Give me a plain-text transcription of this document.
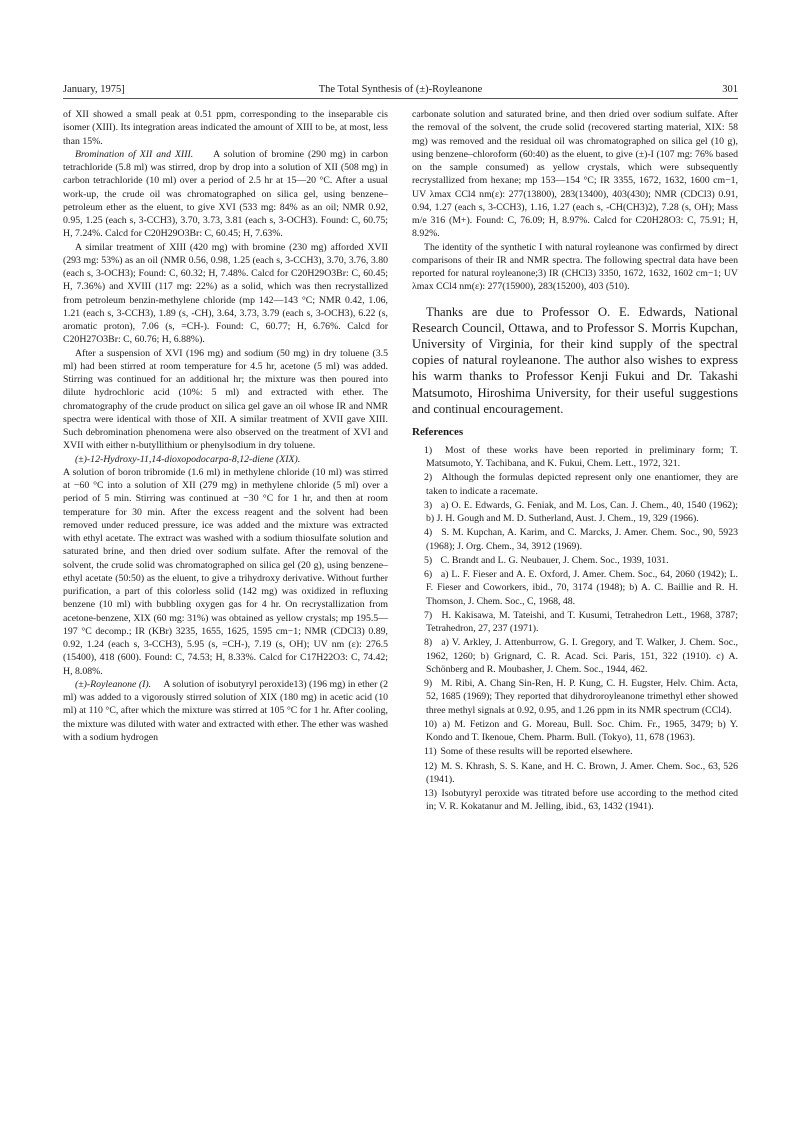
January, 1975]	The Total Synthesis of (±)-Royleanone	301

of XII showed a small peak at 0.51 ppm, corresponding to the inseparable cis isomer (XIII). Its integration areas indicated the amount of XIII to be, at most, less than 15%.

Bromination of XII and XIII. A solution of bromine (290 mg) in carbon tetrachloride (5.8 ml) was stirred, drop by drop into a solution of XII (508 mg) in carbon tetrachloride (10 ml) over a period of 2.5 hr at 15—20 °C. After a usual work-up, the crude oil was chromatographed on silica gel, using benzene–petroleum ether as the eluent, to give XVI (533 mg: 84% as an oil; NMR 0.92, 0.95, 1.25 (each s, 3-CCH3), 3.70, 3.73, 3.81 (each s, 3-OCH3). Found: C, 60.75; H, 7.24%. Calcd for C20H29O3Br: C, 60.45; H, 7.63%.

A similar treatment of XIII (420 mg) with bromine (230 mg) afforded XVII (293 mg: 53%) as an oil (NMR 0.56, 0.98, 1.25 (each s, 3-CCH3), 3.70, 3.76, 3.80 (each s, 3-OCH3); Found: C, 60.32; H, 7.48%. Calcd for C20H29O3Br: C, 60.45; H, 7.36%) and XVIII (117 mg: 22%) as a solid, which was then recrystallized from petroleum benzin-methylene chloride (mp 142—143 °C; NMR 0.42, 1.06, 1.21 (each s, 3-CCH3), 1.89 (s, -CH), 3.64, 3.73, 3.79 (each s, 3-OCH3), 6.22 (s, aromatic proton), 7.06 (s, =CH-). Found: C, 60.77; H, 6.76%. Calcd for C20H27O3Br: C, 60.76; H, 6.88%).

After a suspension of XVI (196 mg) and sodium (50 mg) in dry toluene (3.5 ml) had been stirred at room temperature for 4.5 hr, acetone (5 ml) was added. Stirring was continued for an additional hr; the mixture was then poured into dilute hydrochloric acid (10%: 5 ml) and extracted with ether. The chromatography of the crude product on silica gel gave an oil whose IR and NMR spectra were identical with those of XII. A similar treatment of XVII gave XIII. Such debromination phenomena were also observed on the treatment of XVI and XVII with either n-butyllithium or phenylsodium in dry toluene.

(±)-12-Hydroxy-11,14-dioxopodocarpa-8,12-diene (XIX).

A solution of boron tribromide (1.6 ml) in methylene chloride (10 ml) was stirred at −60 °C into a solution of XII (279 mg) in methylene chloride (5 ml) over a period of 5 min. Stirring was continued at −30 °C for 1 hr, and then at room temperature for 30 min. After the excess reagent and the solvent had been removed under reduced pressure, ice was added and the mixture was extracted with ethyl acetate. The extract was washed with a sodium thiosulfate solution and saturated brine, and then dried over sodium sulfate. After the removal of the solvent, the crude solid was chromatographed on silica gel (20 g), using benzene–ethyl acetate (50:50) as the eluent, to give a trihydroxy derivative. Without further purification, a part of this colorless solid (142 mg) was oxidized in refluxing benzene (10 ml) with bubbling oxygen gas for 4 hr. On recrystallization from acetone-benzene, XIX (60 mg: 31%) was obtained as yellow crystals; mp 195.5—197 °C decomp.; IR (KBr) 3235, 1655, 1625, 1595 cm−1; NMR (CDCl3) 0.89, 0.92, 1.24 (each s, 3-CCH3), 5.95 (s, =CH-), 7.19 (s, OH); UV nm (ε): 276.5 (15400), 418 (600). Found: C, 74.53; H, 8.33%. Calcd for C17H22O3: C, 74.42; H, 8.08%.

(±)-Royleanone (I). A solution of isobutyryl peroxide13) (196 mg) in ether (2 ml) was added to a vigorously stirred solution of XIX (180 mg) in acetic acid (10 ml) at 110 °C, after which the mixture was stirred at 105 °C for 1 hr. After cooling, the mixture was diluted with water and extracted with ether. The ether was washed with a sodium hydrogen

carbonate solution and saturated brine, and then dried over sodium sulfate. After the removal of the solvent, the crude solid (recovered starting material, XIX: 58 mg) was removed and the residual oil was chromatographed on silica gel (10 g), using benzene–chloroform (60:40) as the eluent, to give (±)-I (107 mg: 76% based on the sample consumed) as yellow crystals, which were subsequently recrystallized from hexane; mp 153—154 °C; IR 3355, 1672, 1632, 1600 cm−1, UV λmax CCl4 nm(ε): 277(13800), 283(13400), 403(430); NMR (CDCl3) 0.91, 0.94, 1.27 (each s, 3-CCH3), 1.16, 1.27 (each s, -CH(CH3)2), 7.28 (s, OH); Mass m/e 316 (M+). Found: C, 76.09; H, 8.97%. Calcd for C20H28O3: C, 75.91; H, 8.92%.

The identity of the synthetic I with natural royleanone was confirmed by direct comparisons of their IR and NMR spectra. The following spectral data have been reported for natural royleanone;3) IR (CHCl3) 3350, 1672, 1632, 1602 cm−1; UV λmax CCl4 nm(ε): 277(15900), 283(15200), 403 (510).

Thanks are due to Professor O. E. Edwards, National Research Council, Ottawa, and to Professor S. Morris Kupchan, University of Virginia, for their kind supply of the spectral copies of natural royleanone. The author also wishes to express his warm thanks to Professor Kenji Fukui and Dr. Takashi Matsumoto, Hiroshima University, for their useful suggestions and continual encouragement.

References

1) Most of these works have been reported in preliminary form; T. Matsumoto, Y. Tachibana, and K. Fukui, Chem. Lett., 1972, 321.

2) Although the formulas depicted represent only one enantiomer, they are taken to indicate a racemate.

3) a) O. E. Edwards, G. Feniak, and M. Los, Can. J. Chem., 40, 1540 (1962); b) J. H. Gough and M. D. Sutherland, Aust. J. Chem., 19, 329 (1966).

4) S. M. Kupchan, A. Karim, and C. Marcks, J. Amer. Chem. Soc., 90, 5923 (1968); J. Org. Chem., 34, 3912 (1969).

5) C. Brandt and L. G. Neubauer, J. Chem. Soc., 1939, 1031.

6) a) L. F. Fieser and A. E. Oxford, J. Amer. Chem. Soc., 64, 2060 (1942); L. F. Fieser and Coworkers, ibid., 70, 3174 (1948); b) A. C. Baillie and R. H. Thomson, J. Chem. Soc., C, 1968, 48.

7) H. Kakisawa, M. Tateishi, and T. Kusumi, Tetrahedron Lett., 1968, 3787; Tetrahedron, 27, 237 (1971).

8) a) V. Arkley, J. Attenburrow, G. I. Gregory, and T. Walker, J. Chem. Soc., 1962, 1260; b) Grignard, C. R. Acad. Sci. Paris, 151, 322 (1910). c) A. Schönberg and R. Moubasher, J. Chem. Soc., 1944, 462.

9) M. Ribi, A. Chang Sin-Ren, H. P. Kung, C. H. Eugster, Helv. Chim. Acta, 52, 1685 (1969); They reported that dihydroroyleanone trimethyl ether showed three methyl signals at 0.92, 0.95, and 1.26 ppm in its NMR spectrum (CCl4).

10) a) M. Fetizon and G. Moreau, Bull. Soc. Chim. Fr., 1965, 3479; b) Y. Kondo and T. Ikenoue, Chem. Pharm. Bull. (Tokyo), 11, 678 (1963).

11) Some of these results will be reported elsewhere.

12) M. S. Khrash, S. S. Kane, and H. C. Brown, J. Amer. Chem. Soc., 63, 526 (1941).

13) Isobutyryl peroxide was titrated before use according to the method cited in; V. R. Kokatanur and M. Jelling, ibid., 63, 1432 (1941).
